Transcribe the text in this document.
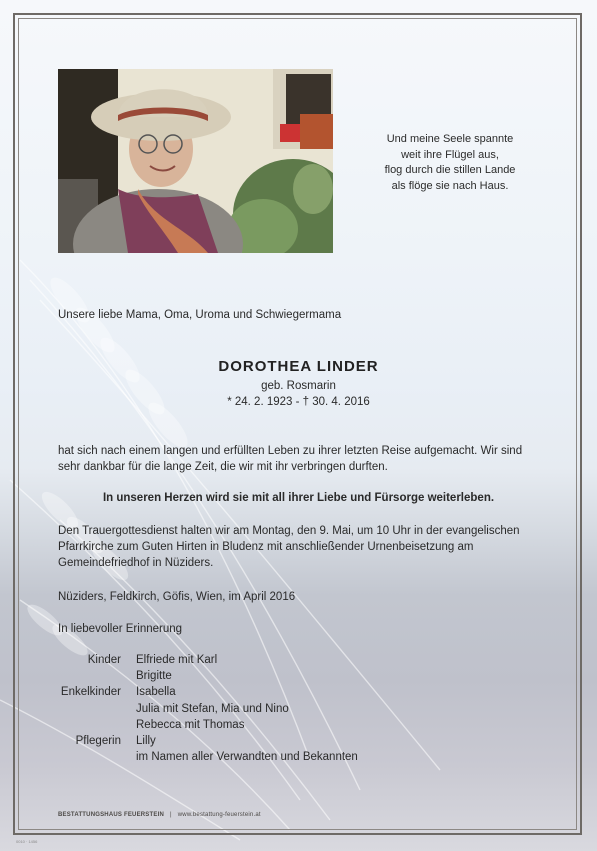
Und meine Seele spannte
weit ihre Flügel aus,
flog durch die stillen Lande
als flöge sie nach Haus.
Unsere liebe Mama, Oma, Uroma und Schwiegermama
DOROTHEA LINDER
geb. Rosmarin
* 24. 2. 1923 - † 30. 4. 2016
hat sich nach einem langen und erfüllten Leben zu ihrer letzten Reise aufgemacht. Wir sind sehr dankbar für die lange Zeit, die wir mit ihr verbringen durften.
In unseren Herzen wird sie mit all ihrer Liebe und Fürsorge weiterleben.
Den Trauergottesdienst halten wir am Montag, den 9. Mai, um 10 Uhr in der evangelischen Pfarrkirche zum Guten Hirten in Bludenz mit anschließender Urnenbeisetzung am Gemeindefriedhof in Nüziders.
Nüziders, Feldkirch, Göfis, Wien, im April 2016
In liebevoller Erinnerung
Kinder Elfriede mit Karl
Brigitte
Enkelkinder Isabella
Julia mit Stefan, Mia und Nino
Rebecca mit Thomas
Pflegerin Lilly
im Namen aller Verwandten und Bekannten
BESTATTUNGSHAUS FEUERSTEIN | www.bestattung-feuerstein.at
0010 · 1456
